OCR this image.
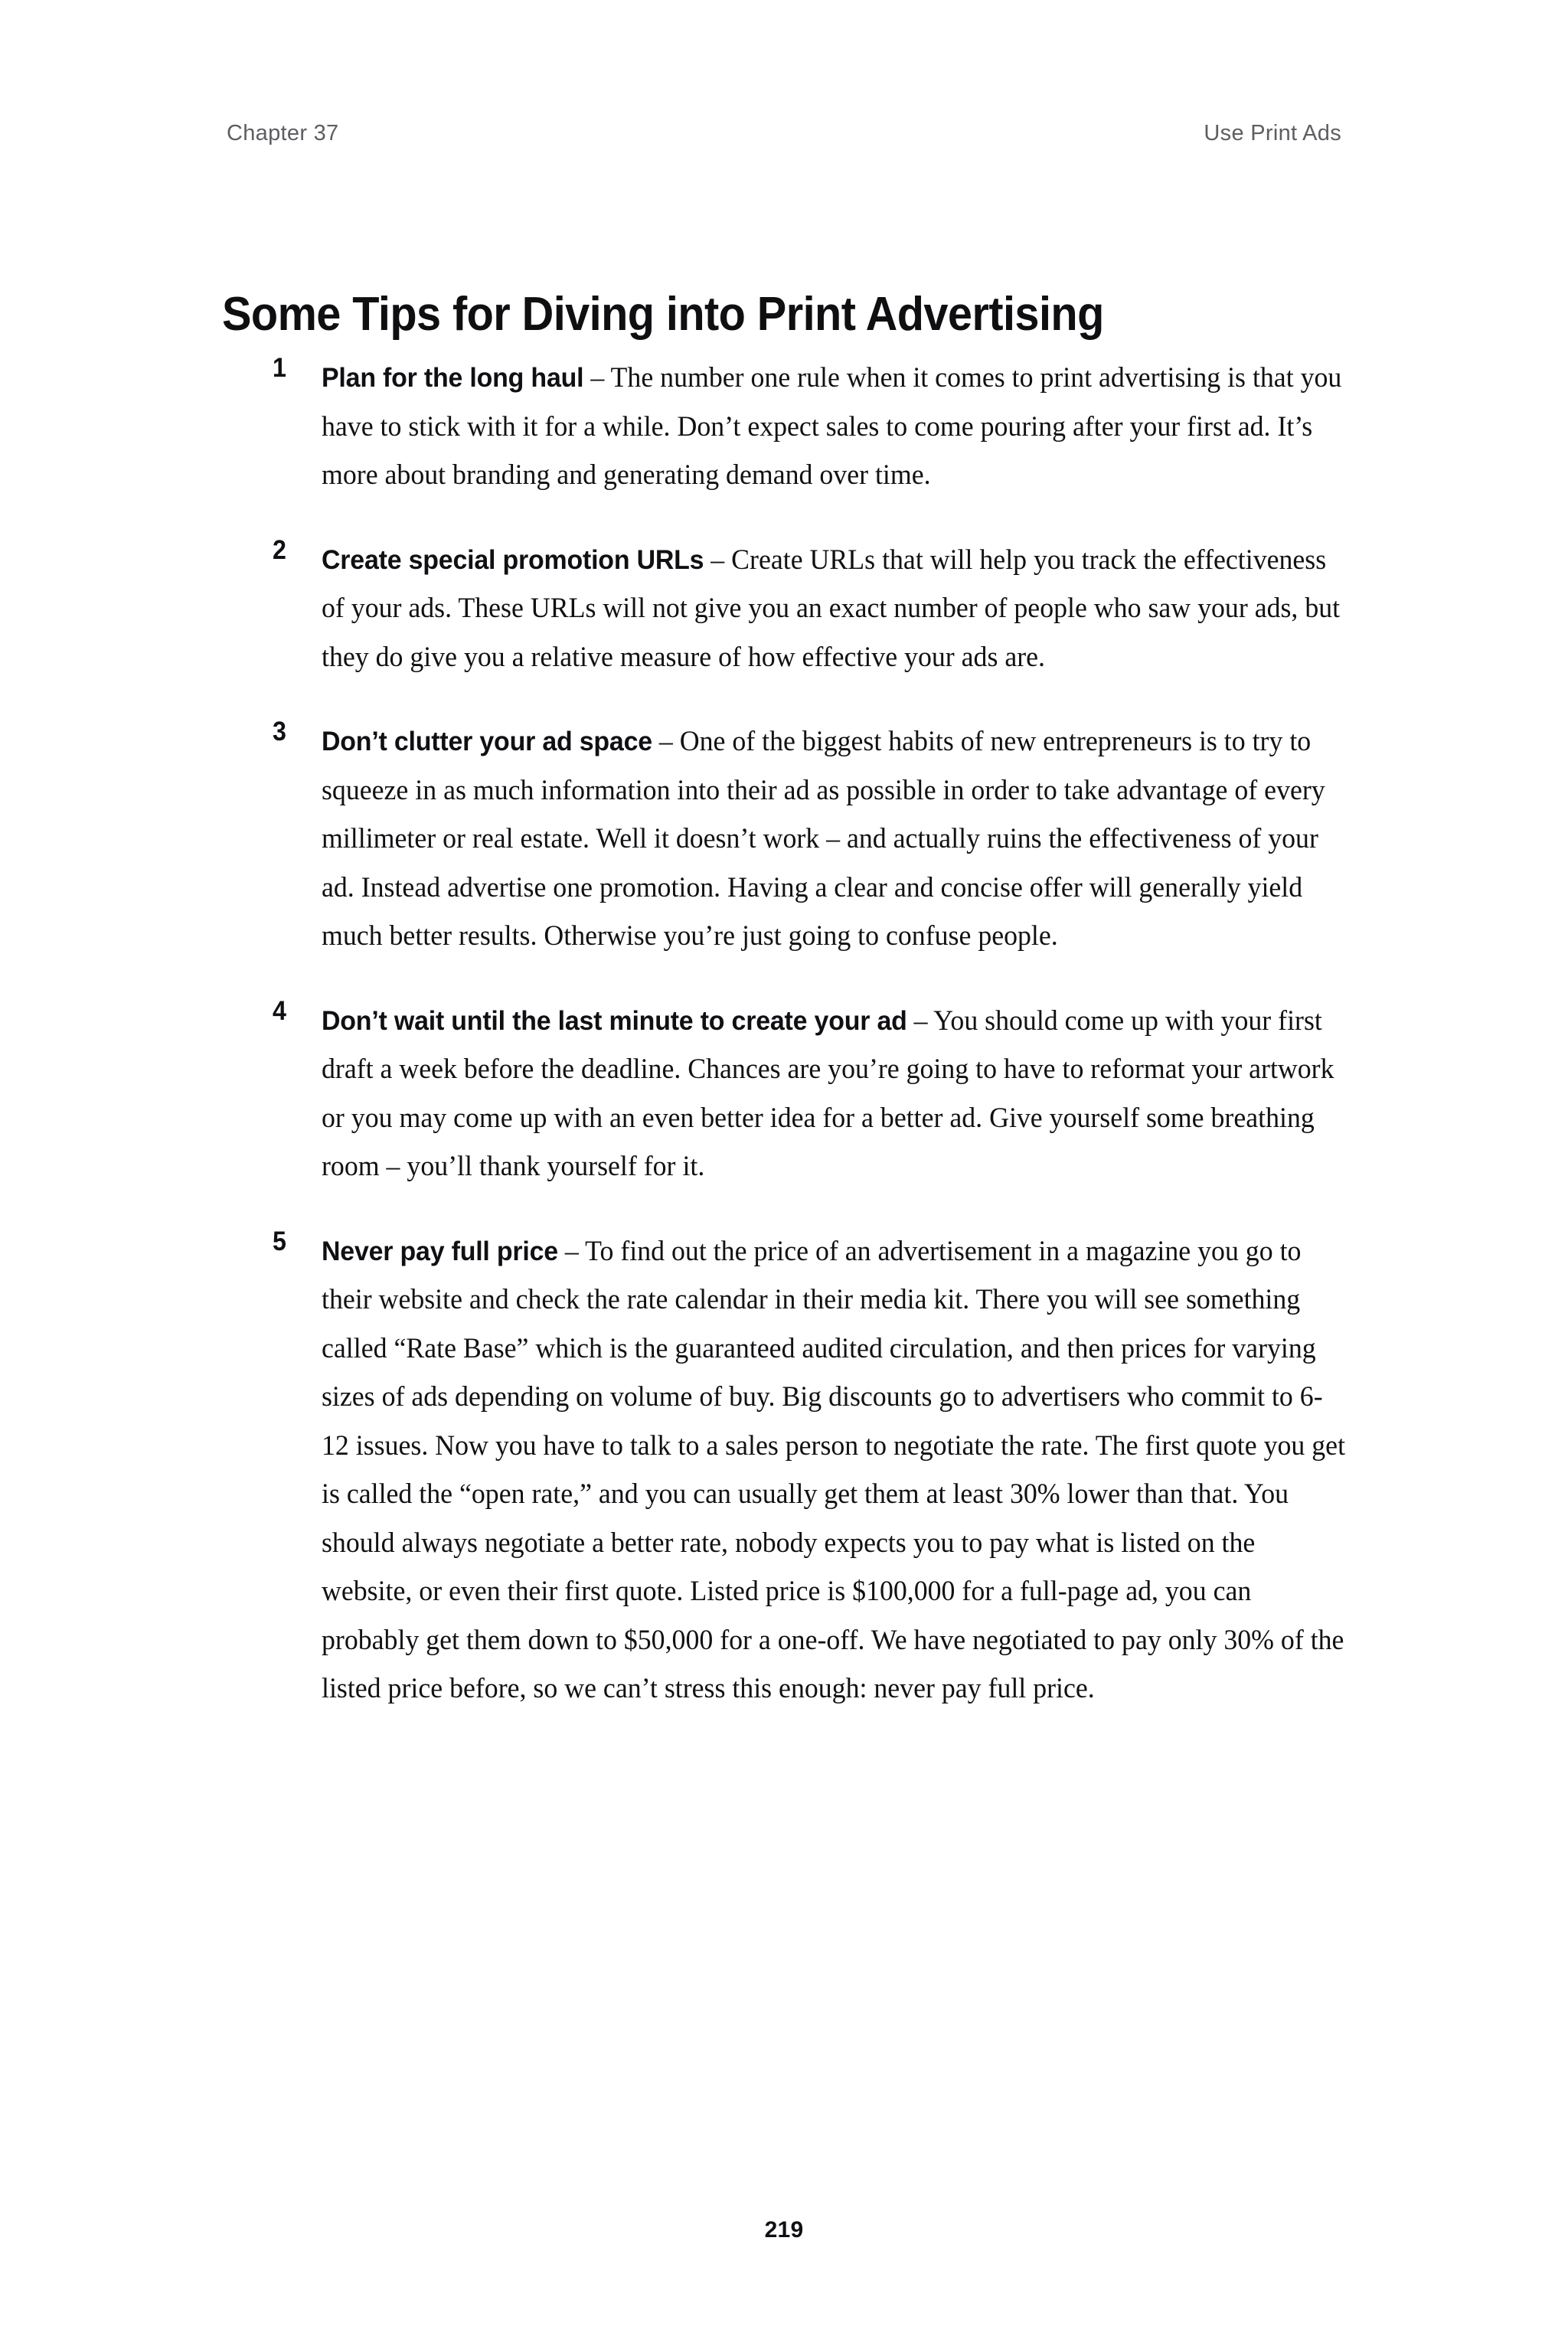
Chapter 37	Use Print Ads
Some Tips for Diving into Print Advertising
1	Plan for the long haul – The number one rule when it comes to print advertising is that you have to stick with it for a while. Don’t expect sales to come pouring after your first ad. It’s more about branding and generating demand over time.
2	Create special promotion URLs – Create URLs that will help you track the effectiveness of your ads. These URLs will not give you an exact number of people who saw your ads, but they do give you a relative measure of how effective your ads are.
3	Don’t clutter your ad space – One of the biggest habits of new entrepreneurs is to try to squeeze in as much information into their ad as possible in order to take advantage of every millimeter or real estate. Well it doesn’t work – and actually ruins the effectiveness of your ad. Instead advertise one promotion. Having a clear and concise offer will generally yield much better results. Otherwise you’re just going to confuse people.
4	Don’t wait until the last minute to create your ad – You should come up with your first draft a week before the deadline. Chances are you’re going to have to reformat your artwork or you may come up with an even better idea for a better ad. Give yourself some breathing room – you’ll thank yourself for it.
5	Never pay full price – To find out the price of an advertisement in a magazine you go to their website and check the rate calendar in their media kit. There you will see something called “Rate Base” which is the guaranteed audited circulation, and then prices for varying sizes of ads depending on volume of buy. Big discounts go to advertisers who commit to 6-12 issues. Now you have to talk to a sales person to negotiate the rate. The first quote you get is called the “open rate,” and you can usually get them at least 30% lower than that. You should always negotiate a better rate, nobody expects you to pay what is listed on the website, or even their first quote. Listed price is $100,000 for a full-page ad, you can probably get them down to $50,000 for a one-off. We have negotiated to pay only 30% of the listed price before, so we can’t stress this enough: never pay full price.
219
